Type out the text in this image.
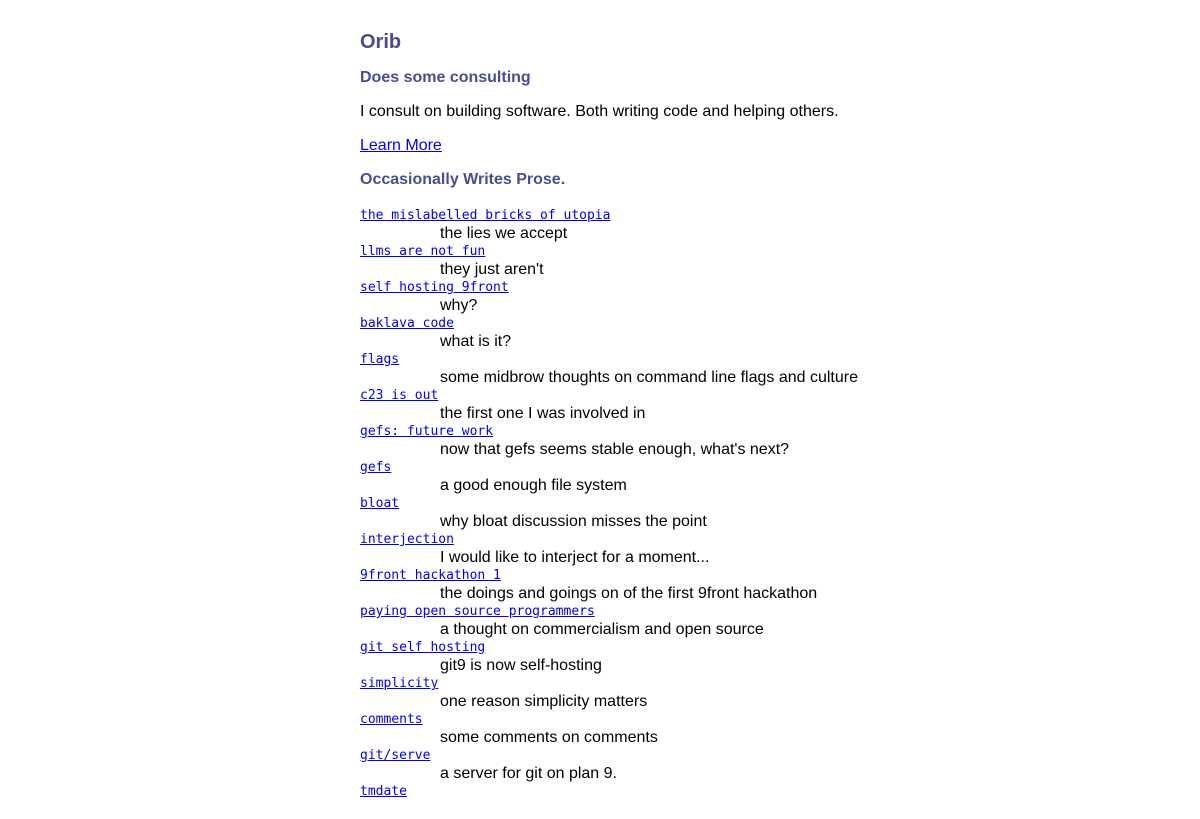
Orib
Does some consulting

I consult on building software. Both writing code and helping others.

Learn More
Occasionally Writes Prose.
the mislabelled bricks of utopia
the lies we accept
llms are not fun
they just aren't
self hosting 9front
why?
baklava code
what is it?
flags
some midbrow thoughts on command line flags and culture
c23 is out
the first one I was involved in
gefs: future work
now that gefs seems stable enough, what's next?
gefs
a good enough file system
bloat
why bloat discussion misses the point
interjection
I would like to interject for a moment...
9front hackathon 1
the doings and goings on of the first 9front hackathon
paying open source programmers
a thought on commercialism and open source
git self hosting
git9 is now self-hosting
simplicity
one reason simplicity matters
comments
some comments on comments
git/serve
a server for git on plan 9.
tmdate
